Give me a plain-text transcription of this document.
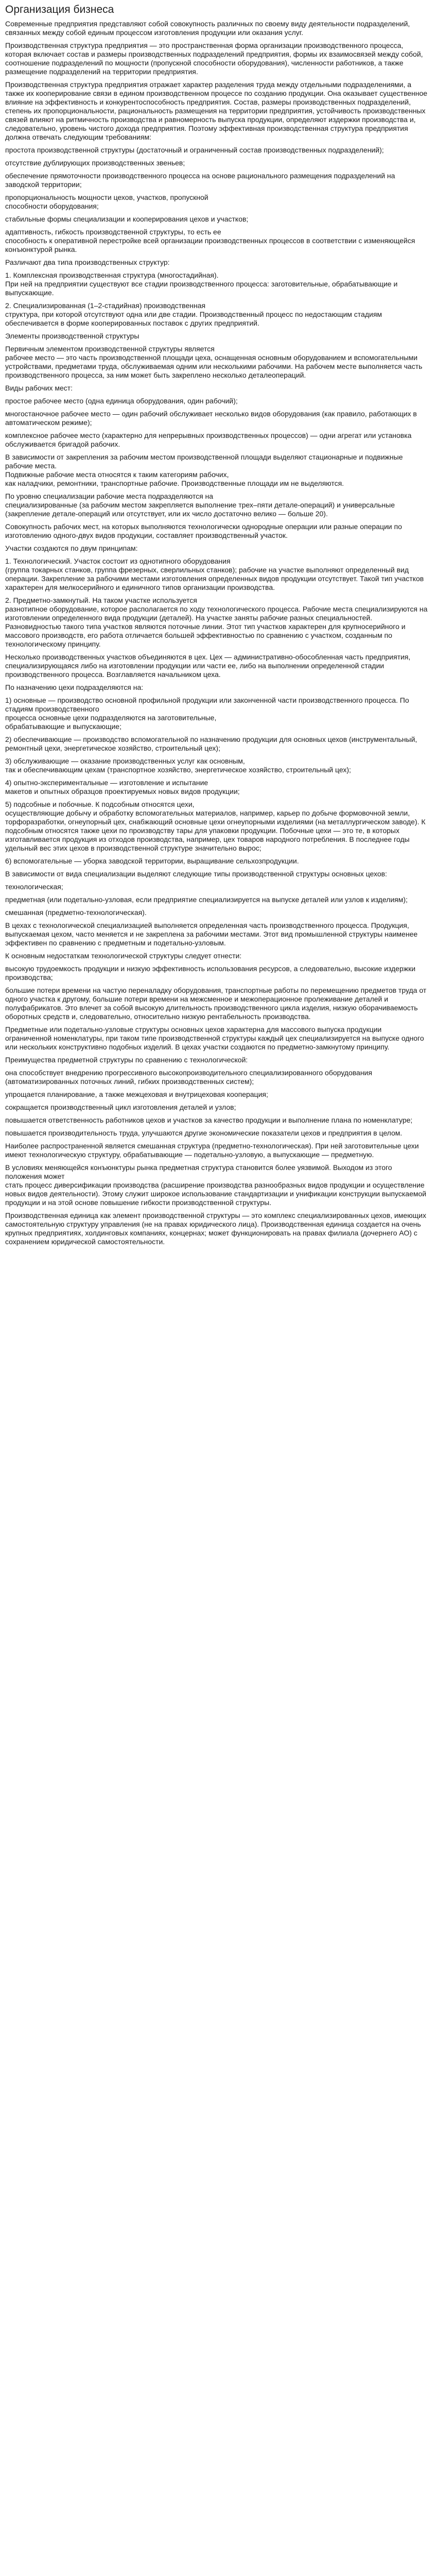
Организация бизнеса

Современные предприятия представляют собой совокупность различных по своему виду деятельности подразделений, связанных между собой единым процессом изготовления продукции или оказания услуг.

Производственная структура предприятия — это пространственная форма организации производственного процесса, которая включает состав и размеры производственных подразделений предприятия, формы их взаимосвязей между собой, соотношение подразделений по мощности (пропускной способности оборудования), численности работников, а также размещение подразделений на территории предприятия.

Производственная структура предприятия отражает характер разделения труда между отдельными подразделениями, а также их кооперирование связи в едином производственном процессе по созданию продукции. Она оказывает существенное влияние на эффективность и конкурентоспособность предприятия. Состав, размеры производственных подразделений, степень их пропорциональности, рациональность размещения на территории предприятия, устойчивость производственных связей влияют на ритмичность производства и равномерность выпуска продукции, определяют издержки производства и, следовательно, уровень чистого дохода предприятия. Поэтому эффективная производственная структура предприятия должна отвечать следующим требованиям:

простота производственной структуры (достаточный и ограниченный состав производственных подразделений);

отсутствие дублирующих производственных звеньев;

обеспечение прямоточности производственного процесса на основе рационального размещения подразделений на заводской территории;

пропорциональность мощности цехов, участков, пропускной
способности оборудования;

стабильные формы специализации и кооперирования цехов и участков;

адаптивность, гибкость производственной структуры, то есть ее
способность к оперативной перестройке всей организации производственных процессов в соответствии с изменяющейся конъюнктурой рынка.

Различают два типа производственных структур:

1. Комплексная производственная структура (многостадийная).
При ней на предприятии существуют все стадии производственного процесса: заготовительные, обрабатывающие и выпускающие.

2. Специализированная (1–2-стадийная) производственная
структура, при которой отсутствуют одна или две стадии. Производственный процесс по недостающим стадиям обеспечивается в форме кооперированных поставок с других предприятий.

Элементы производственной структуры

Первичным элементом производственной структуры является
рабочее место — это часть производственной площади цеха, оснащенная основным оборудованием и вспомогательными устройствами, предметами труда, обслуживаемая одним или несколькими рабочими. На рабочем месте выполняется часть производственного процесса, за ним может быть закреплено несколько деталеопераций.

Виды рабочих мест:

простое рабочее место (одна единица оборудования, один рабочий);

многостаночное рабочее место — один рабочий обслуживает несколько видов оборудования (как правило, работающих в автоматическом режиме);

комплексное рабочее место (характерно для непрерывных производственных процессов) — одни агрегат или установка обслуживается бригадой рабочих.

В зависимости от закрепления за рабочим местом производственной площади выделяют стационарные и подвижные рабочие места.
Подвижные рабочие места относятся к таким категориям рабочих,
как наладчики, ремонтники, транспортные рабочие. Производственные площади им не выделяются.

По уровню специализации рабочие места подразделяются на
специализированные (за рабочим местом закрепляется выполнение трех–пяти детале-операций) и универсальные (закрепление детале-операций или отсутствует, или их число достаточно велико — больше 20).

Совокупность рабочих мест, на которых выполняются технологически однородные операции или разные операции по изготовлению одного-двух видов продукции, составляет производственный участок.

Участки создаются по двум принципам:

1. Технологический. Участок состоит из однотипного оборудования
(группа токарных станков, группа фрезерных, сверлильных станков); рабочие на участке выполняют определенный вид операции. Закрепление за рабочими местами изготовления определенных видов продукции отсутствует. Такой тип участков характерен для мелкосерийного и единичного типов организации производства.

2. Предметно-замкнутый. На таком участке используется
разнотипное оборудование, которое располагается по ходу технологического процесса. Рабочие места специализируются на изготовлении определенного вида продукции (деталей). На участке заняты рабочие разных специальностей. Разновидностью такого типа участков являются поточные линии. Этот тип участков характерен для крупносерийного и массового производств, его работа отличается большей эффективностью по сравнению с участком, созданным по технологическому принципу.

Несколько производственных участков объединяются в цех. Цех — административно-обособленная часть предприятия, специализирующаяся либо на изготовлении продукции или части ее, либо на выполнении определенной стадии производственного процесса. Возглавляется начальником цеха.

По назначению цехи подразделяются на:

1) основные — производство основной профильной продукции или законченной части производственного процесса. По стадиям производственного
процесса основные цехи подразделяются на заготовительные,
обрабатывающие и выпускающие;

2) обеспечивающие — производство вспомогательной по назначению продукции для основных цехов (инструментальный, ремонтный цехи, энергетическое хозяйство, строительный цех);

3) обслуживающие — оказание производственных услуг как основным,
так и обеспечивающим цехам (транспортное хозяйство, энергетическое хозяйство, строительный цех);

4) опытно-экспериментальные — изготовление и испытание
макетов и опытных образцов проектируемых новых видов продукции;

5) подсобные и побочные. К подсобным относятся цехи,
осуществляющие добычу и обработку вспомогательных материалов, например, карьер по добыче формовочной земли, торфоразработки, огнеупорный цех, снабжающий основные цехи огнеупорными изделиями (на металлургическом заводе). К подсобным относятся также цехи по производству тары для упаковки продукции. Побочные цехи — это те, в которых изготавливается продукция из отходов производства, например, цех товаров народного потребления. В последнее годы удельный вес этих цехов в производственной структуре значительно вырос;

6) вспомогательные — уборка заводской территории, выращивание сельхозпродукции.

В зависимости от вида специализации выделяют следующие типы производственной структуры основных цехов:

технологическая;

предметная (или подетально-узловая, если предприятие специализируется на выпуске деталей или узлов к изделиям);

смешанная (предметно-технологическая).

В цехах с технологической специализацией выполняется определенная часть производственного процесса. Продукция, выпускаемая цехом, часто меняется и не закреплена за рабочими местами. Этот вид промышленной структуры наименее эффективен по сравнению с предметным и подетально-узловым.

К основным недостаткам технологической структуры следует отнести:

высокую трудоемкость продукции и низкую эффективность использования ресурсов, а следовательно, высокие издержки производства;

большие потери времени на частую переналадку оборудования, транспортные работы по перемещению предметов труда от одного участка к другому, большие потери времени на межсменное и межоперационное пролеживание деталей и полуфабрикатов. Это влечет за собой высокую длительность производственного цикла изделия, низкую оборачиваемость оборотных средств и, следовательно, относительно низкую рентабельность производства.

Предметные или подетально-узловые структуры основных цехов характерна для массового выпуска продукции ограниченной номенклатуры, при таком типе производственной структуры каждый цех специализируется на выпуске одного или нескольких конструктивно подобных изделий. В цехах участки создаются по предметно-замкнутому принципу.

Преимущества предметной структуры по сравнению с технологической:

она способствует внедрению прогрессивного высокопроизводительного специализированного оборудования (автоматизированных поточных линий, гибких производственных систем);

упрощается планирование, а также межцеховая и внутрицеховая кооперация;

сокращается производственный цикл изготовления деталей и узлов;

повышается ответственность работников цехов и участков за качество продукции и выполнение плана по номенклатуре;

повышается производительность труда, улучшаются другие экономические показатели цехов и предприятия в целом.

Наиболее распространенной является смешанная структура (предметно-технологическая). При ней заготовительные цехи имеют технологическую структуру, обрабатывающие — подетально-узловую, а выпускающие — предметную.

В условиях меняющейся конъюнктуры рынка предметная структура становится более уязвимой. Выходом из этого положения может
стать процесс диверсификации производства (расширение производства разнообразных видов продукции и осуществление новых видов деятельности). Этому служит широкое использование стандартизации и унификации конструкции выпускаемой продукции и на этой основе повышение гибкости производственной структуры.

Производственная единица как элемент производственной структуры — это комплекс специализированных цехов, имеющих самостоятельную структуру управления (не на правах юридического лица). Производственная единица создается на очень крупных предприятиях, холдинговых компаниях, концернах; может функционировать на правах филиала (дочернего АО) с сохранением юридической самостоятельности.
